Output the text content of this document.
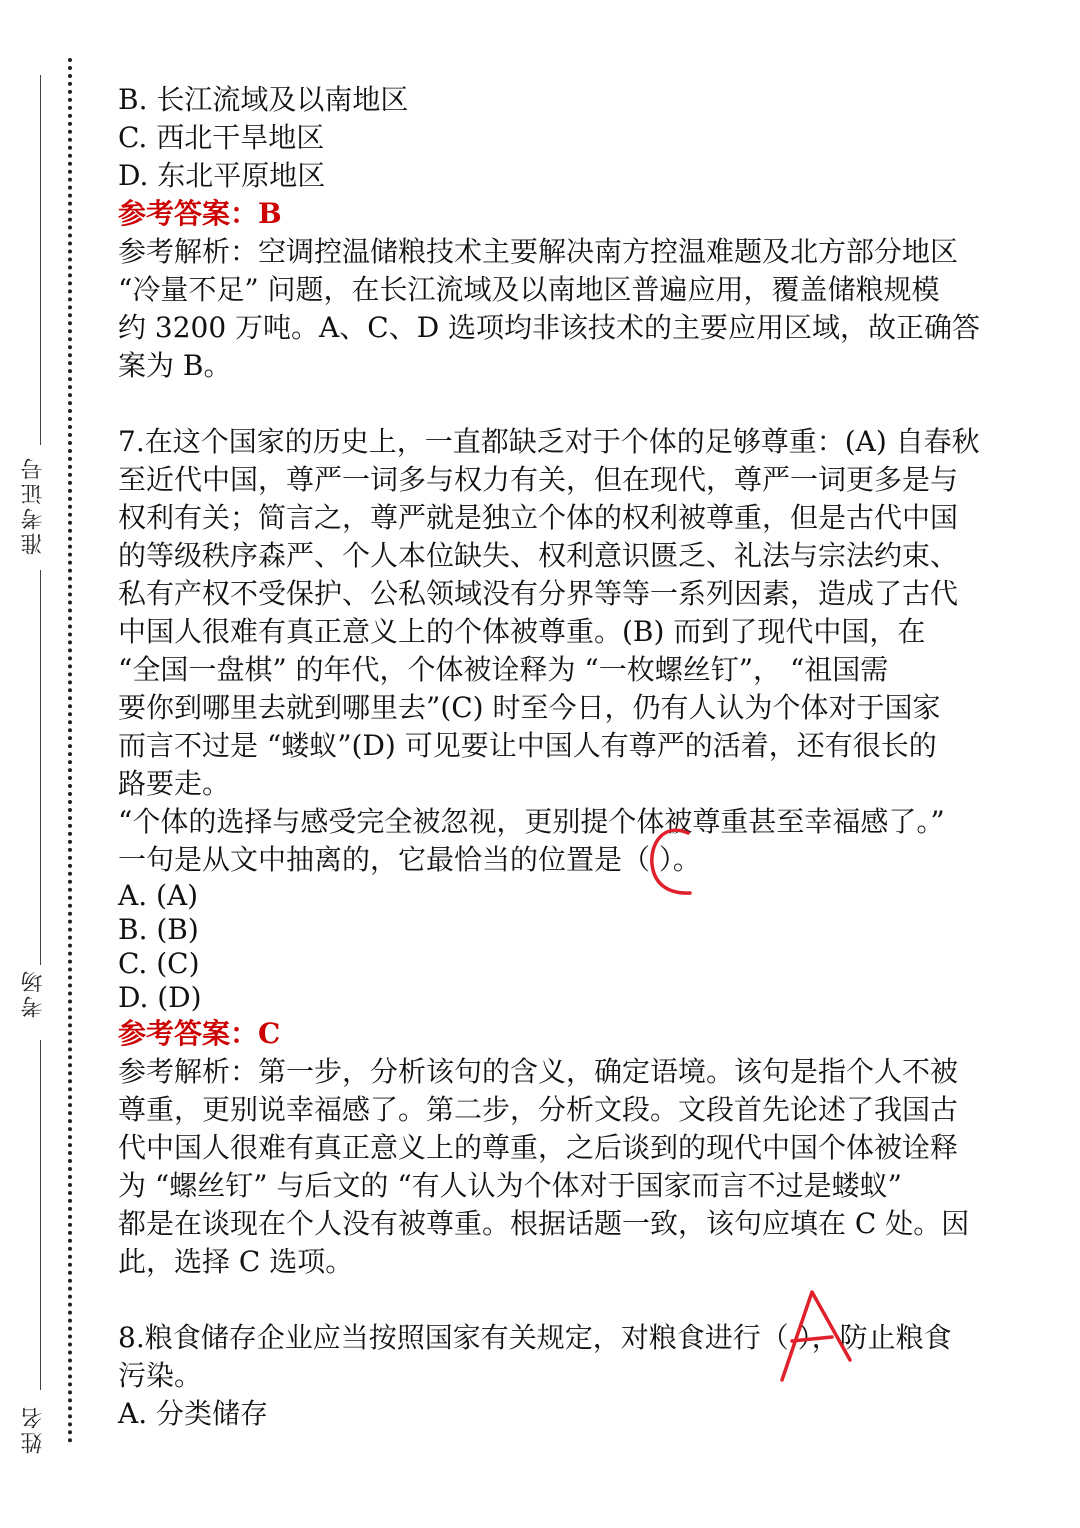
准考证号
考场
姓名
B. 长江流域及以南地区
C. 西北干旱地区
D. 东北平原地区
参考答案：B
参考解析：空调控温储粮技术主要解决南方控温难题及北方部分地区
“冷量不足” 问题，在长江流域及以南地区普遍应用，覆盖储粮规模
约 3200 万吨。A、C、D 选项均非该技术的主要应用区域，故正确答
案为 B。
7.在这个国家的历史上，一直都缺乏对于个体的足够尊重：(A) 自春秋
至近代中国，尊严一词多与权力有关，但在现代，尊严一词更多是与
权利有关；简言之，尊严就是独立个体的权利被尊重，但是古代中国
的等级秩序森严、个人本位缺失、权利意识匮乏、礼法与宗法约束、
私有产权不受保护、公私领域没有分界等等一系列因素，造成了古代
中国人很难有真正意义上的个体被尊重。(B) 而到了现代中国，在
“全国一盘棋” 的年代，个体被诠释为 “一枚螺丝钉”， “祖国需
要你到哪里去就到哪里去”(C) 时至今日，仍有人认为个体对于国家
而言不过是 “蝼蚁”(D) 可见要让中国人有尊严的活着，还有很长的
路要走。
“个体的选择与感受完全被忽视，更别提个体被尊重甚至幸福感了。”
一句是从文中抽离的，它最恰当的位置是（ ）。
A. (A)
B. (B)
C. (C)
D. (D)
参考答案：C
参考解析：第一步，分析该句的含义，确定语境。该句是指个人不被
尊重，更别说幸福感了。第二步，分析文段。文段首先论述了我国古
代中国人很难有真正意义上的尊重，之后谈到的现代中国个体被诠释
为 “螺丝钉” 与后文的 “有人认为个体对于国家而言不过是蝼蚁”
都是在谈现在个人没有被尊重。根据话题一致，该句应填在 C 处。因
此，选择 C 选项。
8.粮食储存企业应当按照国家有关规定，对粮食进行（ ），防止粮食
污染。
A. 分类储存
